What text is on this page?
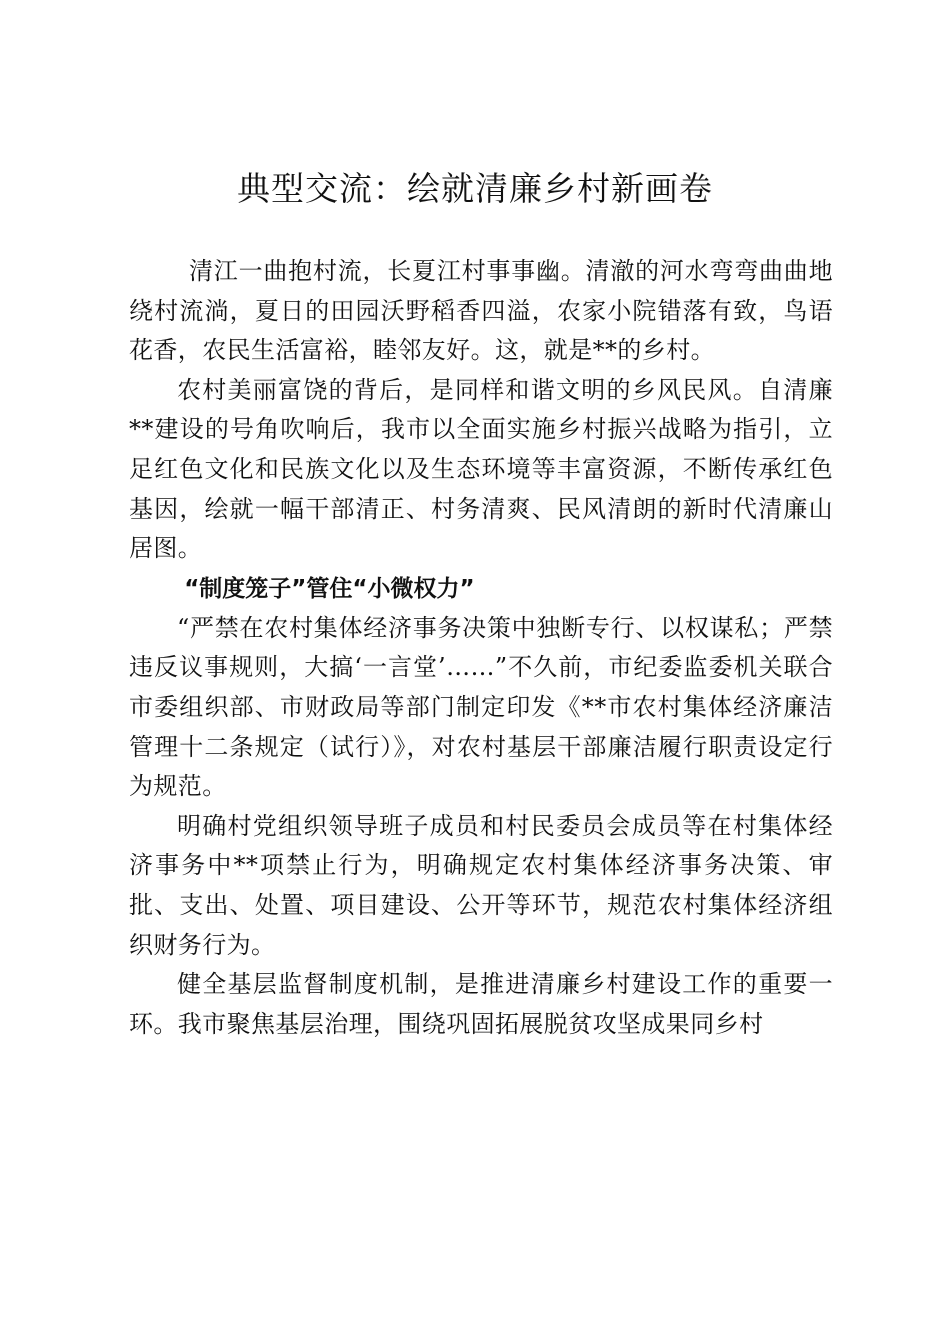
典型交流：绘就清廉乡村新画卷

清江一曲抱村流，长夏江村事事幽。清澈的河水弯弯曲曲地绕村流淌，夏日的田园沃野稻香四溢，农家小院错落有致，鸟语花香，农民生活富裕，睦邻友好。这，就是**的乡村。

农村美丽富饶的背后，是同样和谐文明的乡风民风。自清廉**建设的号角吹响后，我市以全面实施乡村振兴战略为指引，立足红色文化和民族文化以及生态环境等丰富资源，不断传承红色基因，绘就一幅干部清正、村务清爽、民风清朗的新时代清廉山居图。

“制度笼子”管住“小微权力”

“严禁在农村集体经济事务决策中独断专行、以权谋私；严禁违反议事规则，大搞‘一言堂’……”不久前，市纪委监委机关联合市委组织部、市财政局等部门制定印发《**市农村集体经济廉洁管理十二条规定（试行）》，对农村基层干部廉洁履行职责设定行为规范。

明确村党组织领导班子成员和村民委员会成员等在村集体经济事务中**项禁止行为，明确规定农村集体经济事务决策、审批、支出、处置、项目建设、公开等环节，规范农村集体经济组织财务行为。

健全基层监督制度机制，是推进清廉乡村建设工作的重要一环。我市聚焦基层治理，围绕巩固拓展脱贫攻坚成果同乡村
